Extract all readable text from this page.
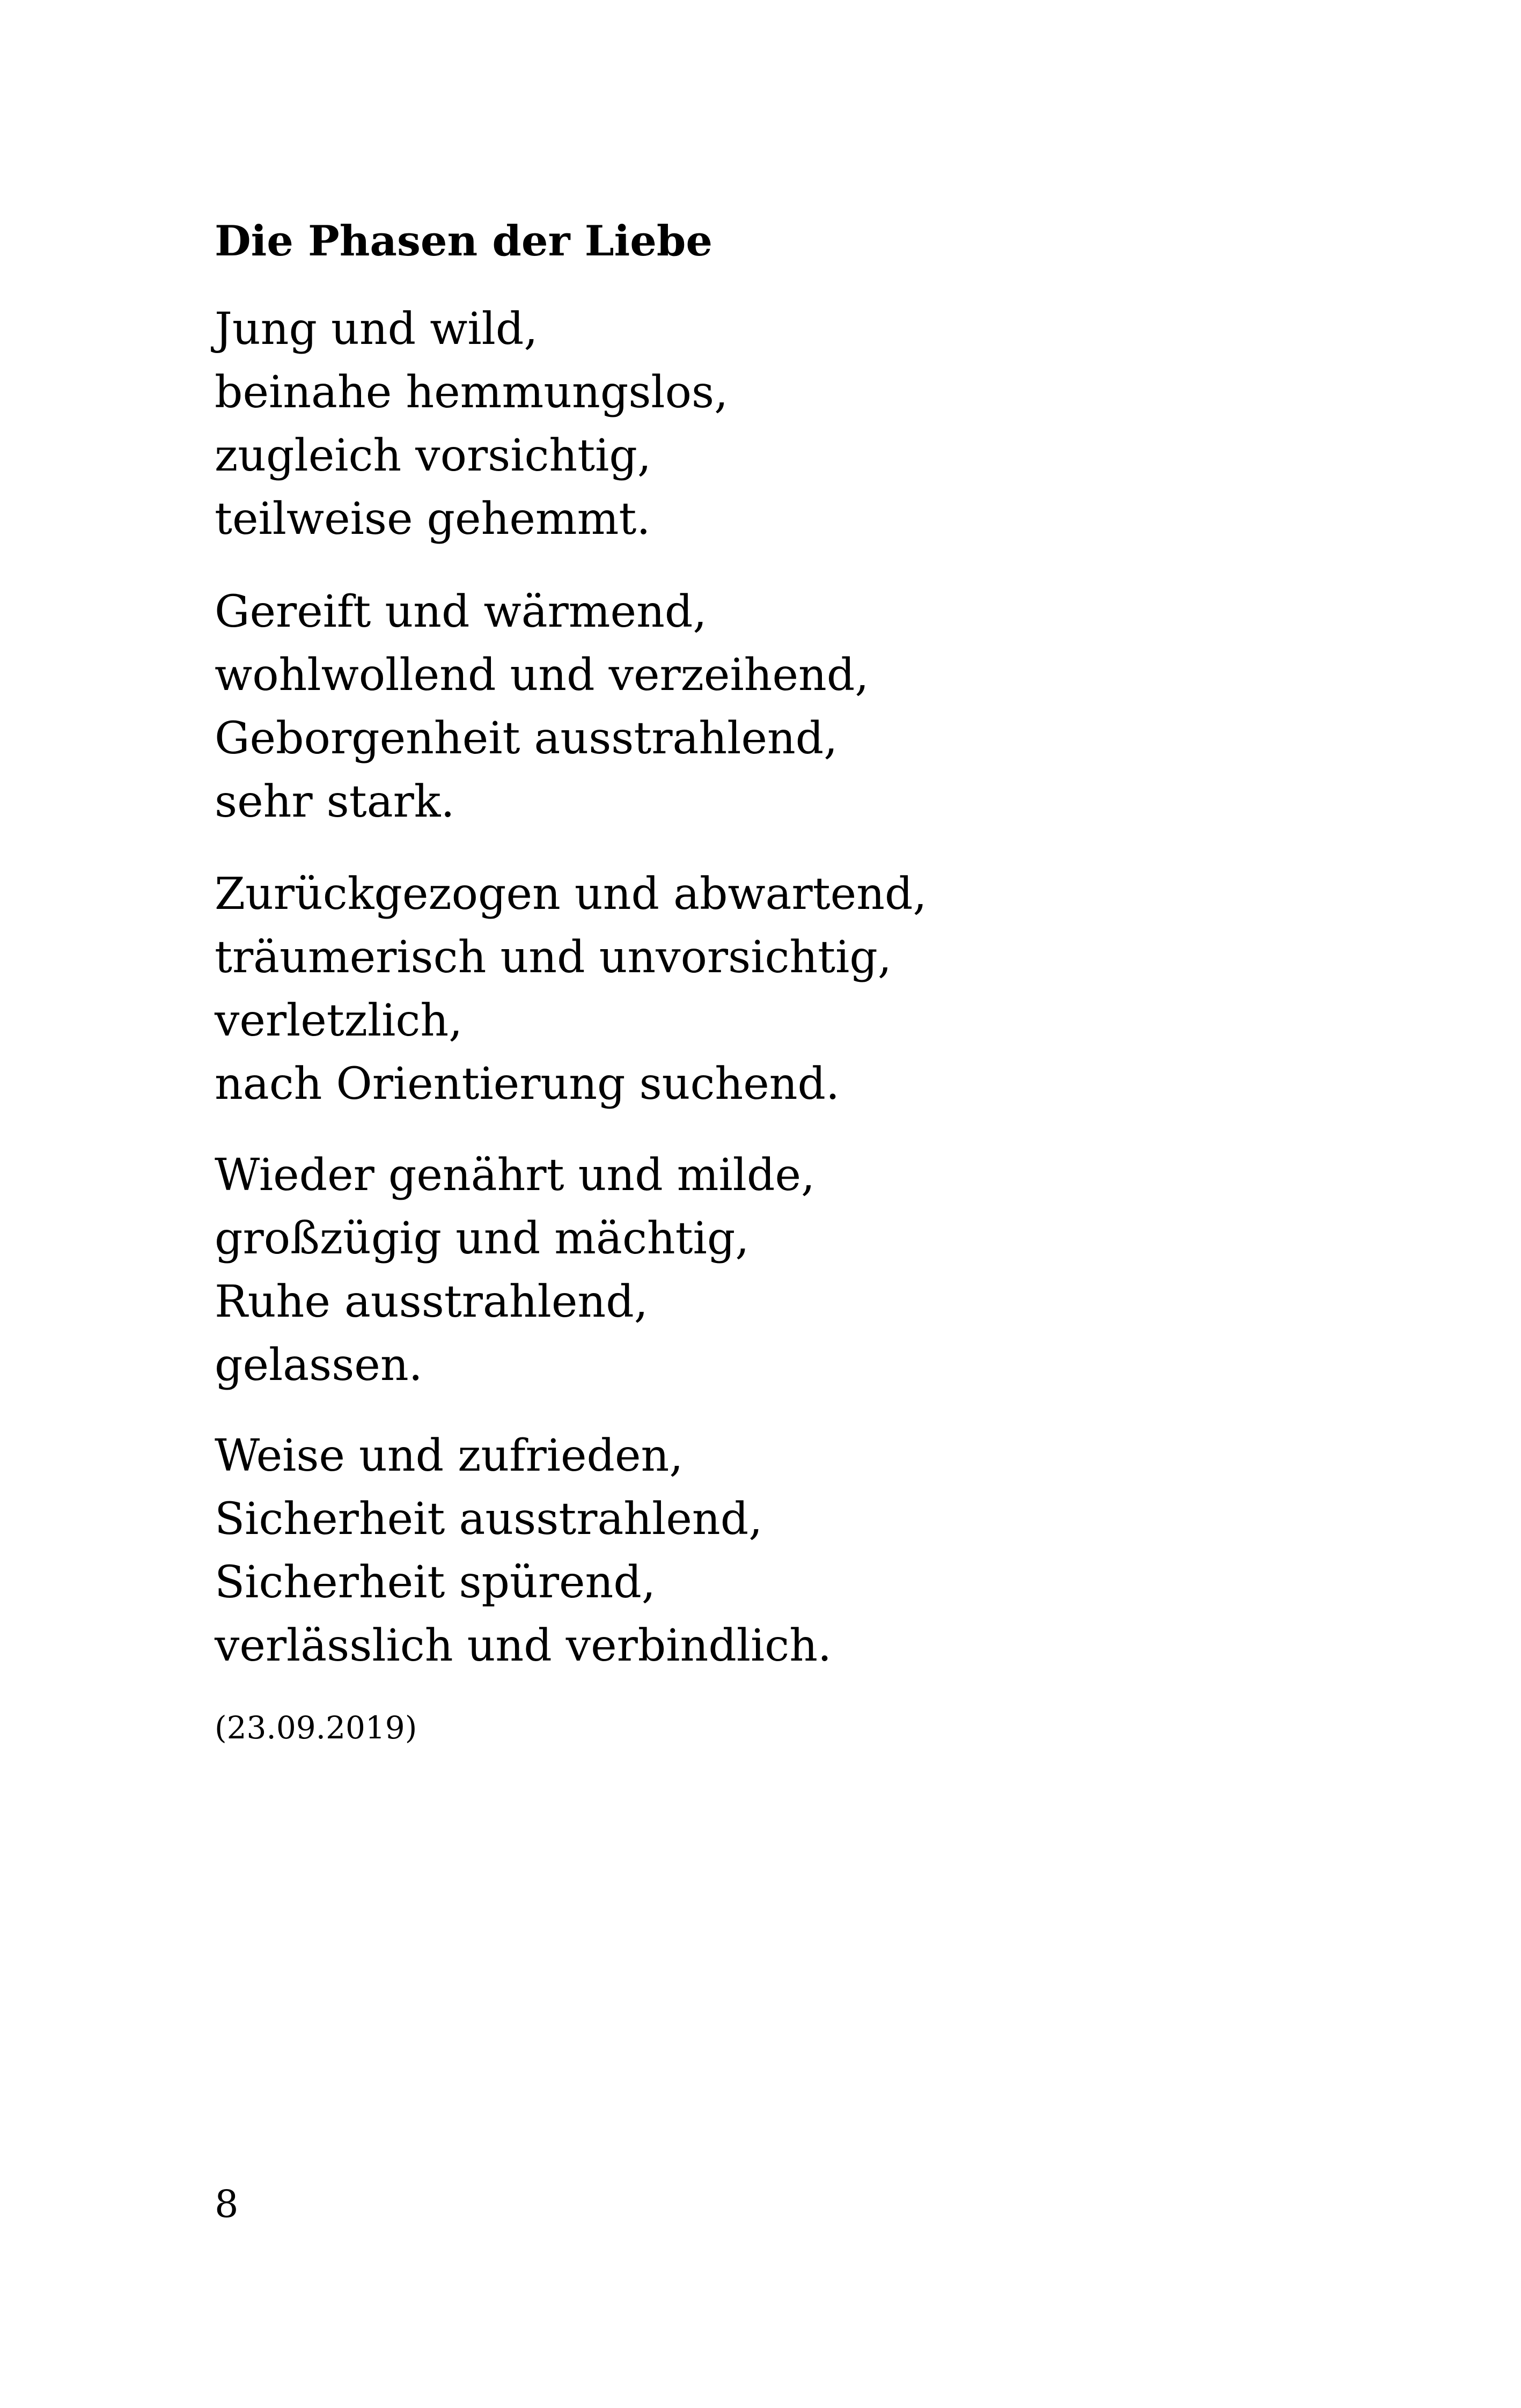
Die Phasen der Liebe
Jung und wild,
beinahe hemmungslos,
zugleich vorsichtig,
teilweise gehemmt.
Gereift und wärmend,
wohlwollend und verzeihend,
Geborgenheit ausstrahlend,
sehr stark.
Zurückgezogen und abwartend,
träumerisch und unvorsichtig,
verletzlich,
nach Orientierung suchend.
Wieder genährt und milde,
großzügig und mächtig,
Ruhe ausstrahlend,
gelassen.
Weise und zufrieden,
Sicherheit ausstrahlend,
Sicherheit spürend,
verlässlich und verbindlich.
(23.09.2019)
8
